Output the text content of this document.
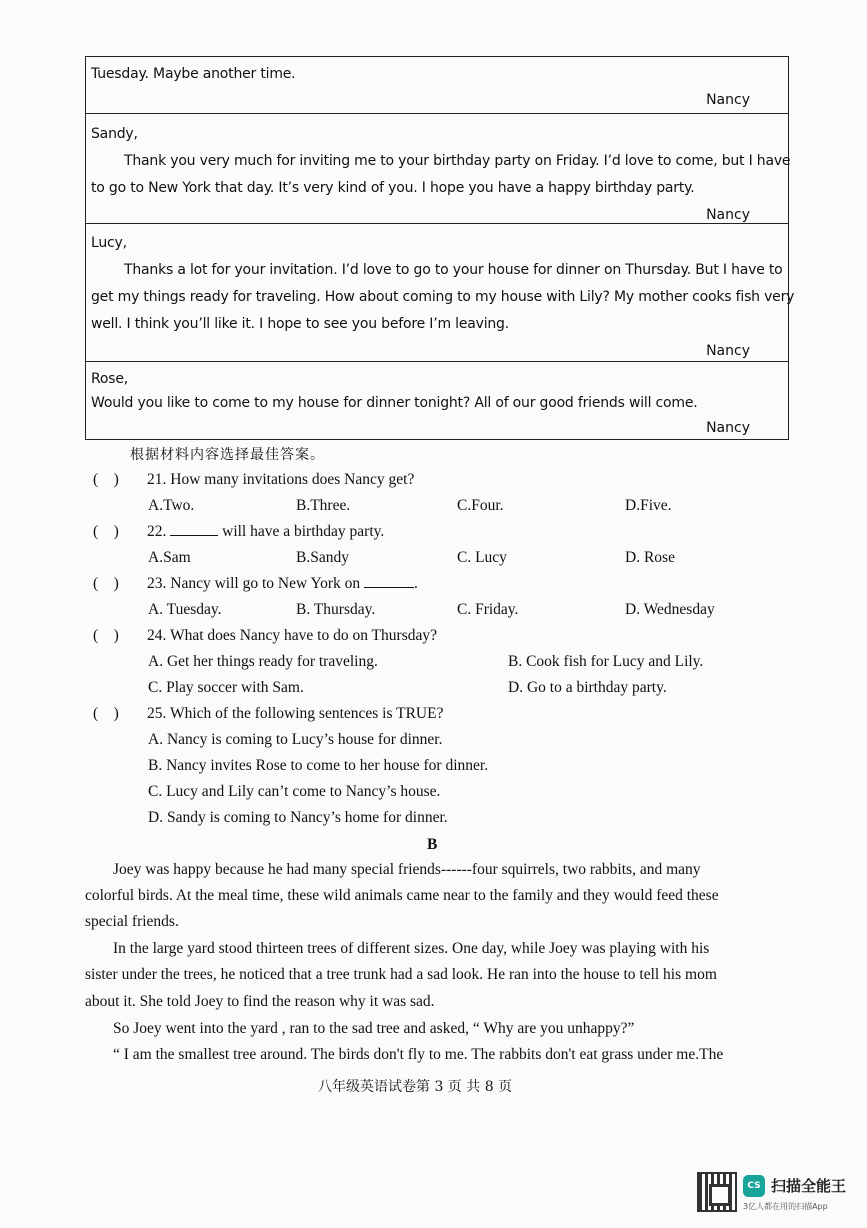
Tuesday. Maybe another time.
Nancy
Sandy,
Thank you very much for inviting me to your birthday party on Friday. I’d love to come, but I have
to go to New York that day. It’s very kind of you. I hope you have a happy birthday party.
Nancy
Lucy,
Thanks a lot for your invitation. I’d love to go to your house for dinner on Thursday. But I have to
get my things ready for traveling. How about coming to my house with Lily? My mother cooks fish very
well. I think you’ll like it. I hope to see you before I’m leaving.
Nancy
Rose,
Would you like to come to my house for dinner tonight? All of our good friends will come.
Nancy
根据材料内容选择最佳答案。
(    ) 21. How many invitations does Nancy get?
A.Two.	B.Three.	C.Four.	D.Five.
(    ) 22.	will have a birthday party.
A.Sam	B.Sandy	C. Lucy	D. Rose
(    ) 23. Nancy will go to New York on	.
A. Tuesday.	B. Thursday.	C. Friday.	D. Wednesday
(    ) 24. What does Nancy have to do on Thursday?
A. Get her things ready for traveling.	B. Cook fish for Lucy and Lily.
C. Play soccer with Sam.	D. Go to a birthday party.
(    ) 25. Which of the following sentences is TRUE?
A. Nancy is coming to Lucy’s house for dinner.
B. Nancy invites Rose to come to her house for dinner.
C. Lucy and Lily can’t come to Nancy’s house.
D. Sandy is coming to Nancy’s home for dinner.
B
Joey was happy because he had many special friends------four squirrels, two rabbits, and many
colorful birds. At the meal time, these wild animals came near to the family and they would feed these
special friends.
In the large yard stood thirteen trees of different sizes. One day, while Joey was playing with his
sister under the trees, he noticed that a tree trunk had a sad look. He ran into the house to tell his mom
about it. She told Joey to find the reason why it was sad.
So Joey went into the yard , ran to the sad tree and asked, “ Why are you unhappy?”
“ I am the smallest tree around. The birds don't fly to me. The rabbits don't eat grass under me.The
八年级英语试卷第 3 页 共 8 页
CS 扫描全能王
3亿人都在用的扫描App
